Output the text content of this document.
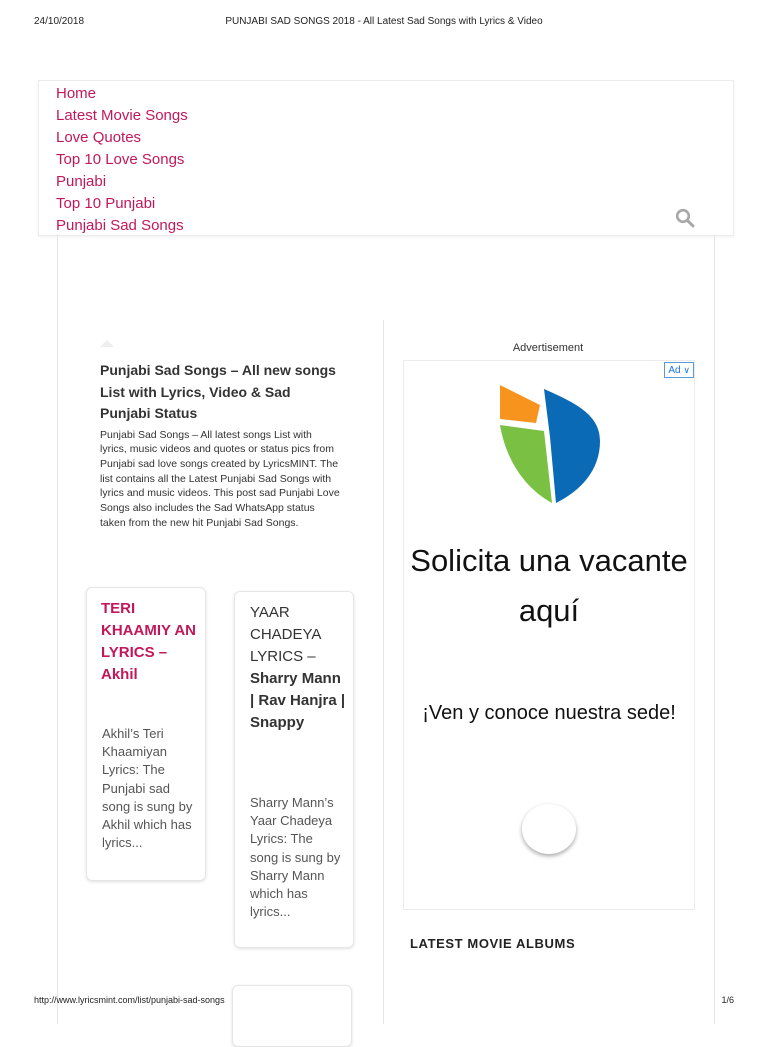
24/10/2018	PUNJABI SAD SONGS 2018 - All Latest Sad Songs with Lyrics & Video
Home
Latest Movie Songs
Love Quotes
Top 10 Love Songs
Punjabi
Top 10 Punjabi
Punjabi Sad Songs
Punjabi Sad Songs – All new songs List with Lyrics, Video & Sad Punjabi Status

Punjabi Sad Songs – All latest songs List with lyrics, music videos and quotes or status pics from Punjabi sad love songs created by LyricsMINT. The list contains all the Latest Punjabi Sad Songs with lyrics and music videos. This post sad Punjabi Love Songs also includes the Sad WhatsApp status taken from the new hit Punjabi Sad Songs.

TERI KHAAMIY AN LYRICS – Akhil

Akhil’s Teri Khaamiyan Lyrics: The Punjabi sad song is sung by Akhil which has lyrics...

YAAR CHADEYA LYRICS – Sharry Mann | Rav Hanjra | Snappy

Sharry Mann’s Yaar Chadeya Lyrics: The song is sung by Sharry Mann which has lyrics...

Advertisement
Ad ∨
Solicita una vacante aquí
¡Ven y conoce nuestra sede!
LATEST MOVIE ALBUMS
http://www.lyricsmint.com/list/punjabi-sad-songs	1/6
